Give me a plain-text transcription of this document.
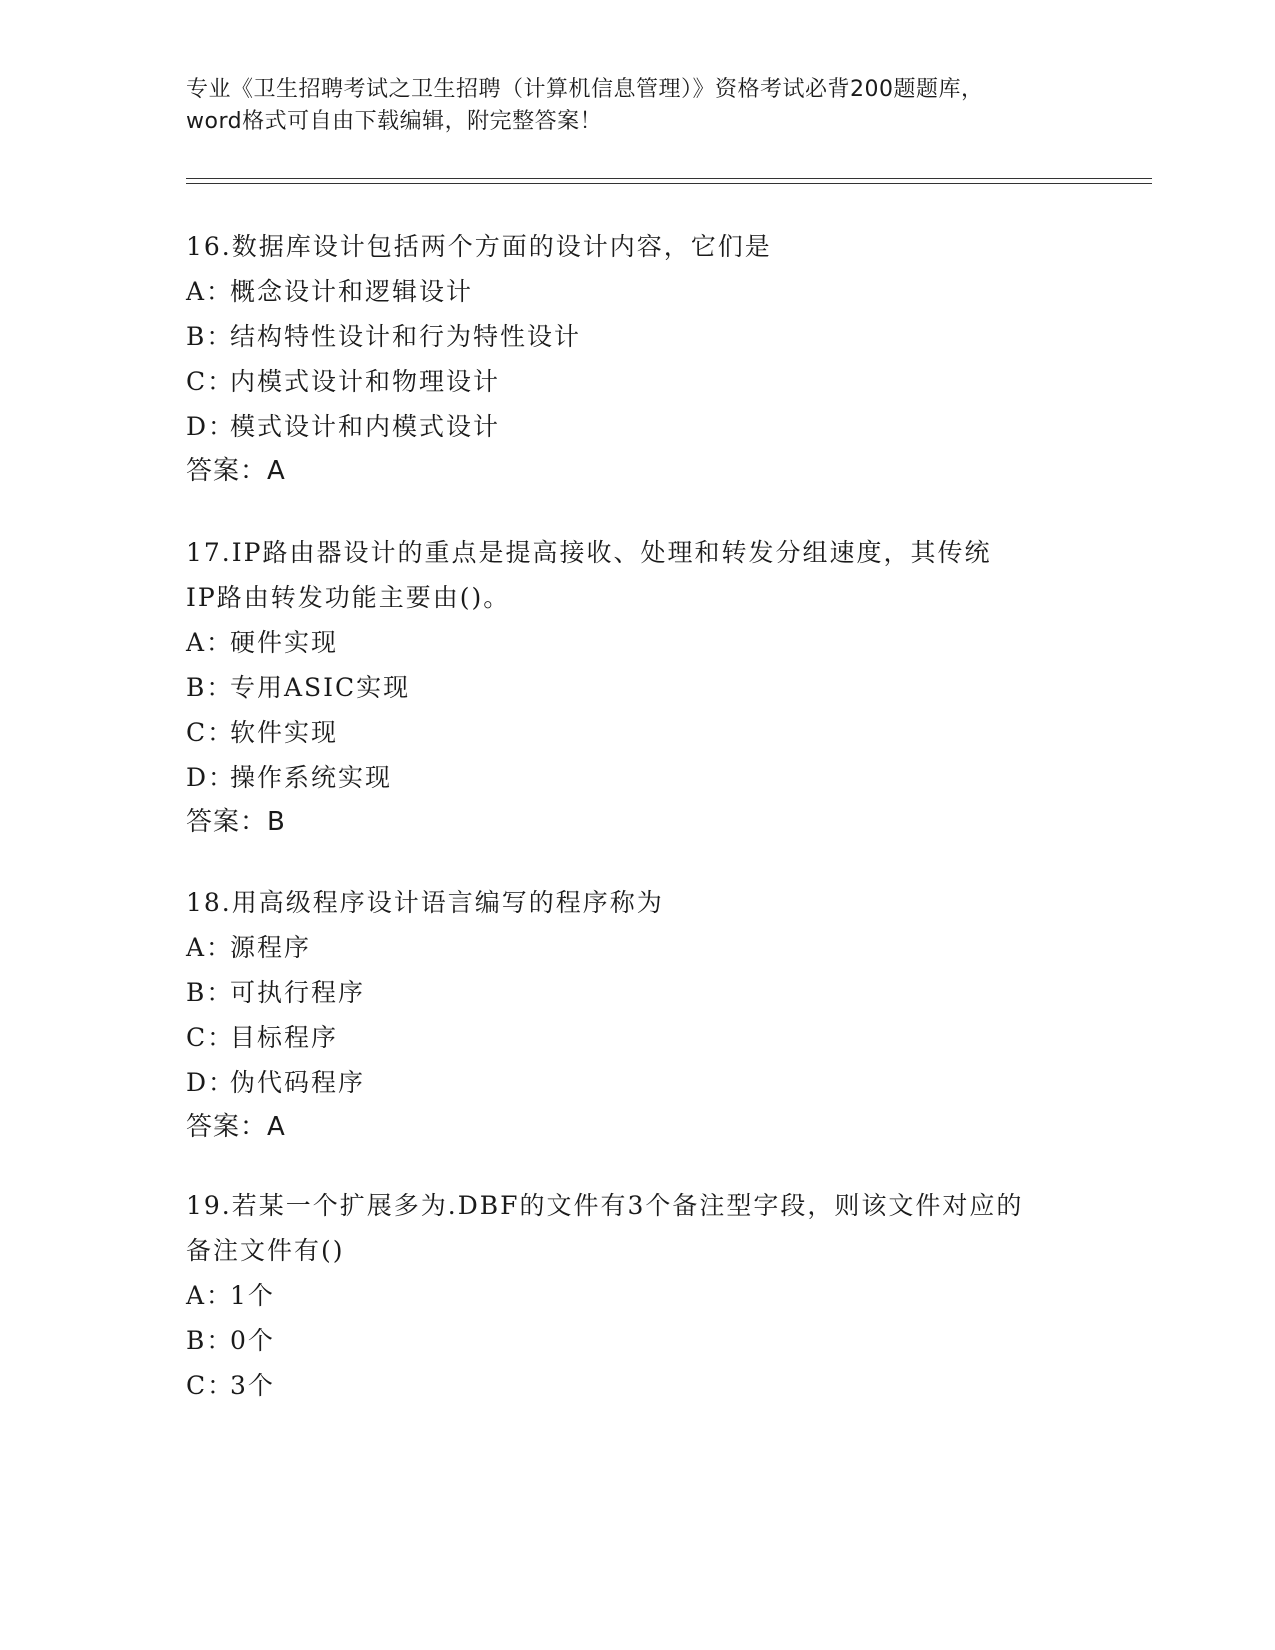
专业《卫生招聘考试之卫生招聘（计算机信息管理）》资格考试必背200题题库，
word格式可自由下载编辑，附完整答案！
16.数据库设计包括两个方面的设计内容，它们是
A：概念设计和逻辑设计
B：结构特性设计和行为特性设计
C：内模式设计和物理设计
D：模式设计和内模式设计
答案：A
17.IP路由器设计的重点是提高接收、处理和转发分组速度，其传统
IP路由转发功能主要由()。
A：硬件实现
B：专用ASIC实现
C：软件实现
D：操作系统实现
答案：B
18.用高级程序设计语言编写的程序称为
A：源程序
B：可执行程序
C：目标程序
D：伪代码程序
答案：A
19.若某一个扩展多为.DBF的文件有3个备注型字段，则该文件对应的
备注文件有()
A：1个
B：0个
C：3个
